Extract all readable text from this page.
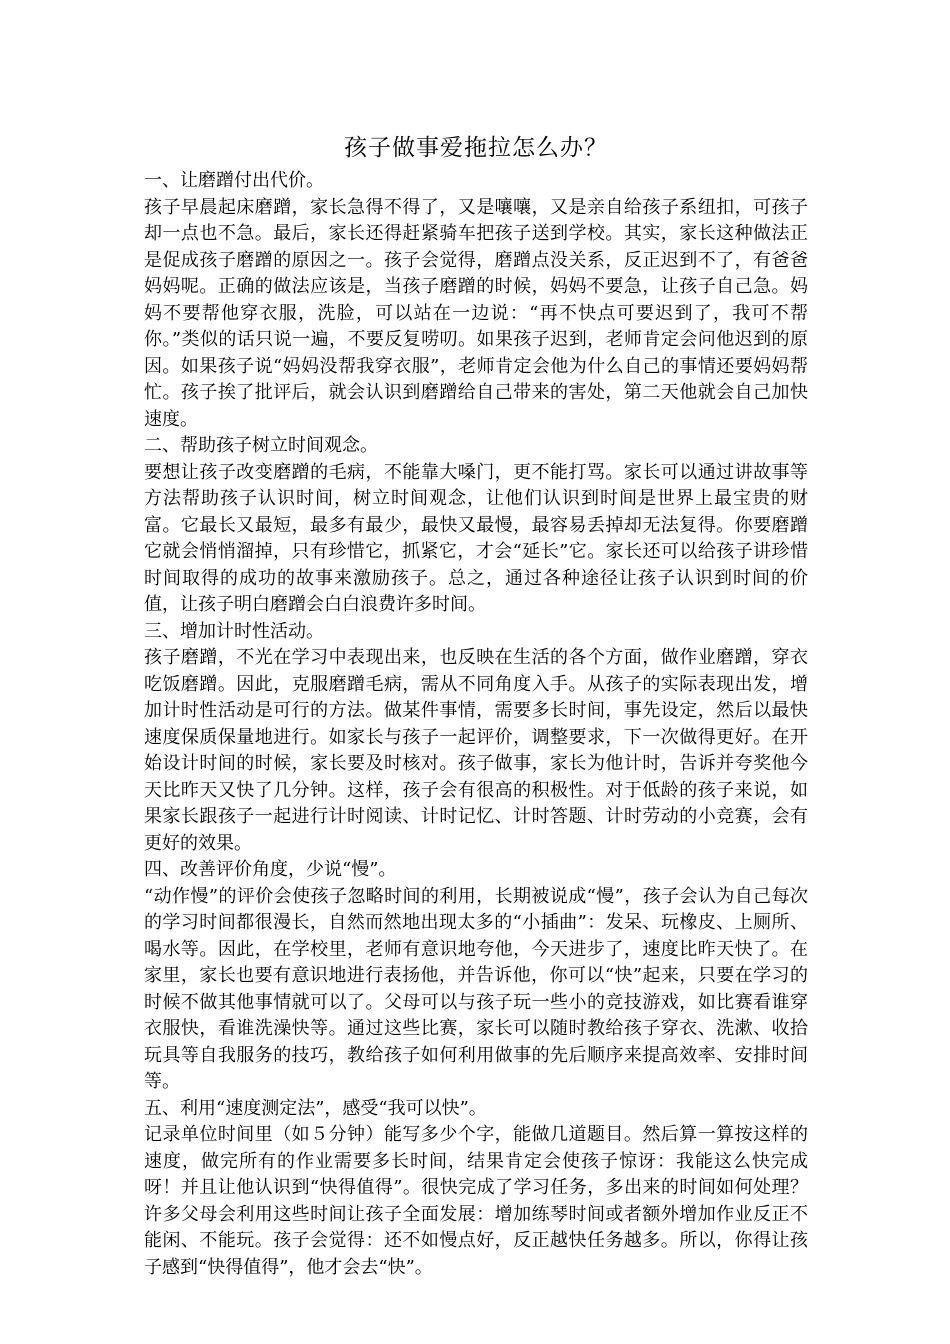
孩子做事爱拖拉怎么办？

一、让磨蹭付出代价。

孩子早晨起床磨蹭，家长急得不得了，又是嚷嚷，又是亲自给孩子系纽扣，可孩子却一点也不急。最后，家长还得赶紧骑车把孩子送到学校。其实，家长这种做法正是促成孩子磨蹭的原因之一。孩子会觉得，磨蹭点没关系，反正迟到不了，有爸爸妈妈呢。正确的做法应该是，当孩子磨蹭的时候，妈妈不要急，让孩子自己急。妈妈不要帮他穿衣服，洗脸，可以站在一边说：“再不快点可要迟到了，我可不帮你。”类似的话只说一遍，不要反复唠叨。如果孩子迟到，老师肯定会问他迟到的原因。如果孩子说“妈妈没帮我穿衣服”，老师肯定会他为什么自己的事情还要妈妈帮忙。孩子挨了批评后，就会认识到磨蹭给自己带来的害处，第二天他就会自己加快速度。

二、帮助孩子树立时间观念。

要想让孩子改变磨蹭的毛病，不能靠大嗓门，更不能打骂。家长可以通过讲故事等方法帮助孩子认识时间，树立时间观念，让他们认识到时间是世界上最宝贵的财富。它最长又最短，最多有最少，最快又最慢，最容易丢掉却无法复得。你要磨蹭它就会悄悄溜掉，只有珍惜它，抓紧它，才会“延长”它。家长还可以给孩子讲珍惜时间取得的成功的故事来激励孩子。总之，通过各种途径让孩子认识到时间的价值，让孩子明白磨蹭会白白浪费许多时间。

三、增加计时性活动。

孩子磨蹭，不光在学习中表现出来，也反映在生活的各个方面，做作业磨蹭，穿衣吃饭磨蹭。因此，克服磨蹭毛病，需从不同角度入手。从孩子的实际表现出发，增加计时性活动是可行的方法。做某件事情，需要多长时间，事先设定，然后以最快速度保质保量地进行。如家长与孩子一起评价，调整要求，下一次做得更好。在开始设计时间的时候，家长要及时核对。孩子做事，家长为他计时，告诉并夸奖他今天比昨天又快了几分钟。这样，孩子会有很高的积极性。对于低龄的孩子来说，如果家长跟孩子一起进行计时阅读、计时记忆、计时答题、计时劳动的小竞赛，会有更好的效果。

四、改善评价角度，少说“慢”。

“动作慢”的评价会使孩子忽略时间的利用，长期被说成“慢”，孩子会认为自己每次的学习时间都很漫长，自然而然地出现太多的“小插曲”：发呆、玩橡皮、上厕所、喝水等。因此，在学校里，老师有意识地夸他，今天进步了，速度比昨天快了。在家里，家长也要有意识地进行表扬他，并告诉他，你可以“快”起来，只要在学习的时候不做其他事情就可以了。父母可以与孩子玩一些小的竞技游戏，如比赛看谁穿衣服快，看谁洗澡快等。通过这些比赛，家长可以随时教给孩子穿衣、洗漱、收拾玩具等自我服务的技巧，教给孩子如何利用做事的先后顺序来提高效率、安排时间等。

五、利用“速度测定法”，感受“我可以快”。

记录单位时间里（如５分钟）能写多少个字，能做几道题目。然后算一算按这样的速度，做完所有的作业需要多长时间，结果肯定会使孩子惊讶：我能这么快完成呀！并且让他认识到“快得值得”。很快完成了学习任务，多出来的时间如何处理？许多父母会利用这些时间让孩子全面发展：增加练琴时间或者额外增加作业反正不能闲、不能玩。孩子会觉得：还不如慢点好，反正越快任务越多。所以，你得让孩子感到“快得值得”，他才会去“快”。
